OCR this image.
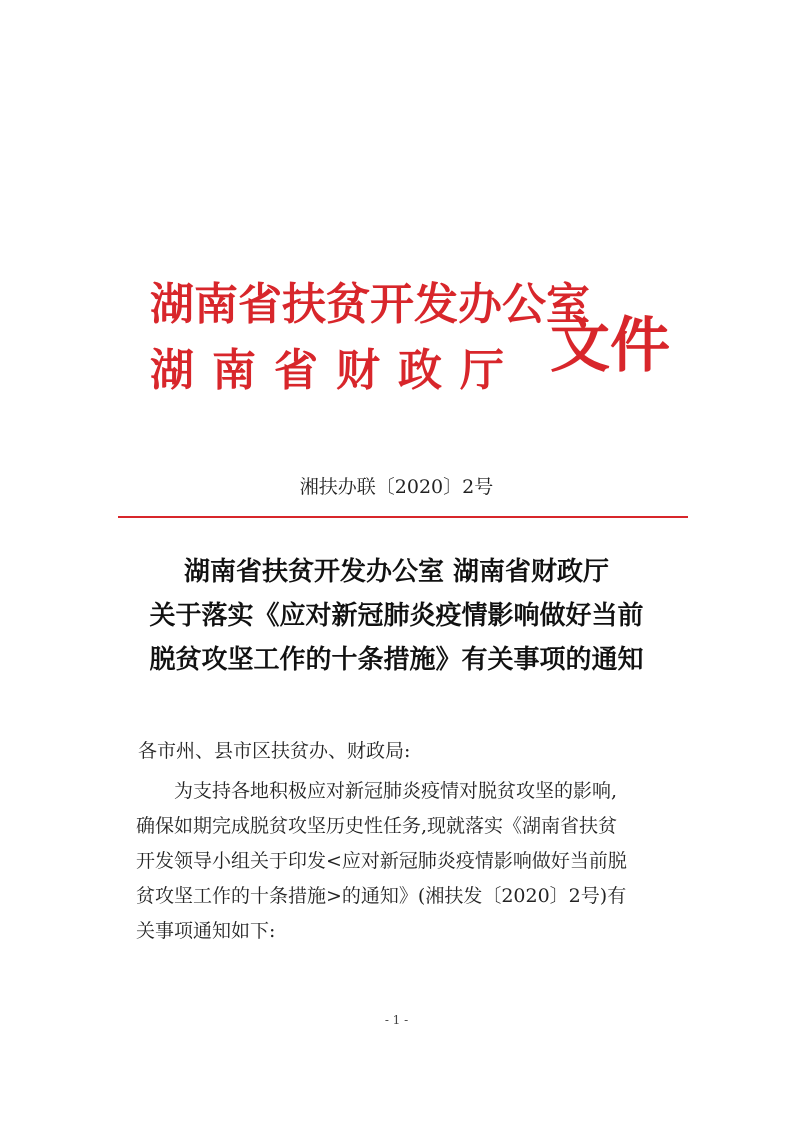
湖南省扶贫开发办公室
湖南省财政厅 文件
湘扶办联〔2020〕2号
湖南省扶贫开发办公室 湖南省财政厅
关于落实《应对新冠肺炎疫情影响做好当前
脱贫攻坚工作的十条措施》有关事项的通知
各市州、县市区扶贫办、财政局:
为支持各地积极应对新冠肺炎疫情对脱贫攻坚的影响,
确保如期完成脱贫攻坚历史性任务,现就落实《湖南省扶贫
开发领导小组关于印发<应对新冠肺炎疫情影响做好当前脱
贫攻坚工作的十条措施>的通知》(湘扶发〔2020〕2号)有
关事项通知如下:
- 1 -
